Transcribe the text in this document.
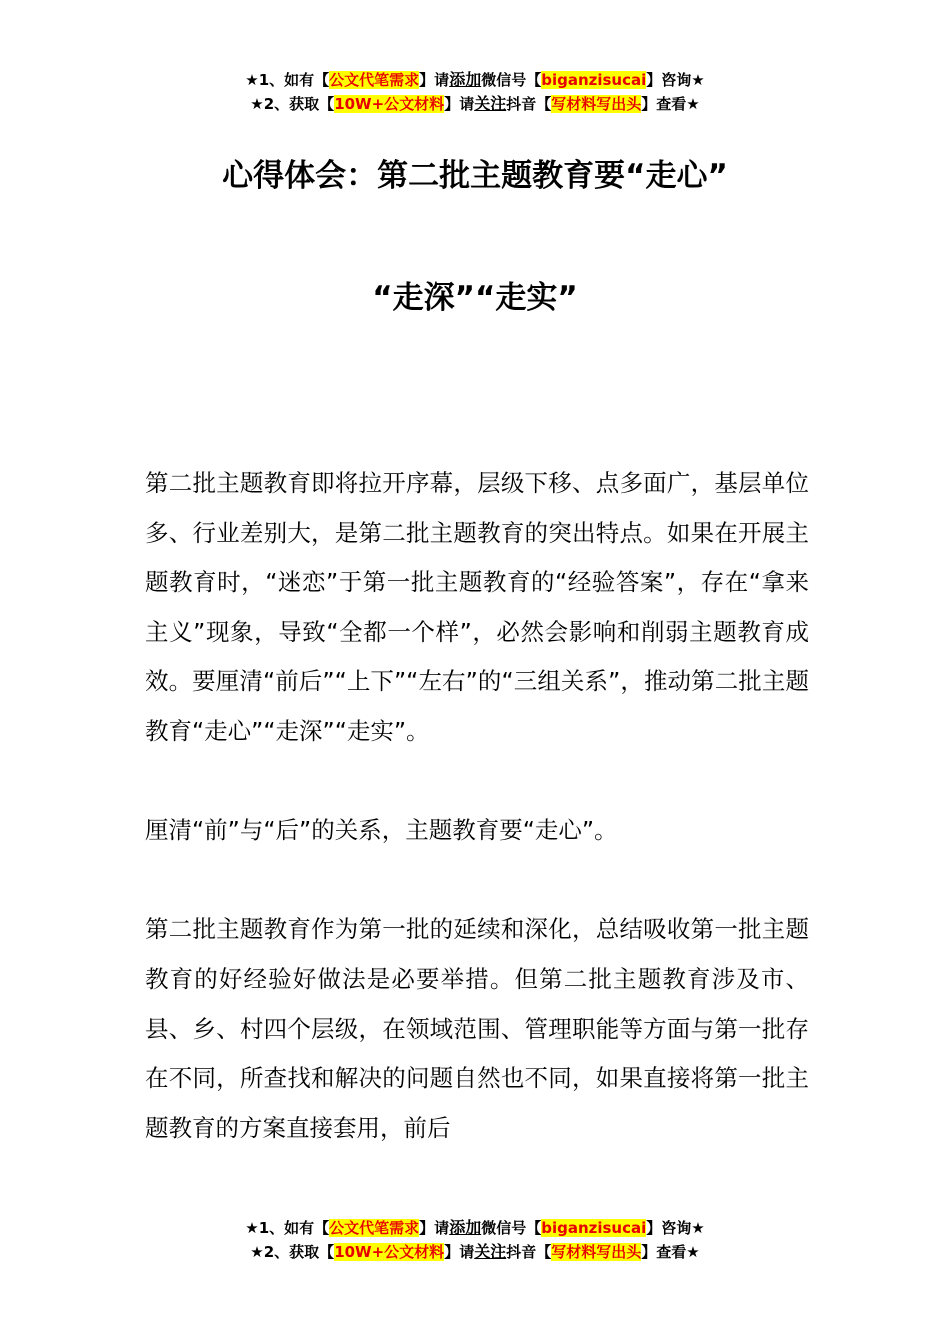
★1、如有【公文代笔需求】请添加微信号【biganzisucai】咨询★
★2、获取【10W+公文材料】请关注抖音【写材料写出头】查看★
心得体会：第二批主题教育要“走心”
“走深”“走实”

第二批主题教育即将拉开序幕，层级下移、点多面广，基层单位多、行业差别大，是第二批主题教育的突出特点。如果在开展主题教育时，“迷恋”于第一批主题教育的“经验答案”，存在“拿来主义”现象，导致“全都一个样”，必然会影响和削弱主题教育成效。要厘清“前后”“上下”“左右”的“三组关系”，推动第二批主题教育“走心”“走深”“走实”。

厘清“前”与“后”的关系，主题教育要“走心”。

第二批主题教育作为第一批的延续和深化，总结吸收第一批主题教育的好经验好做法是必要举措。但第二批主题教育涉及市、县、乡、村四个层级，在领域范围、管理职能等方面与第一批存在不同，所查找和解决的问题自然也不同，如果直接将第一批主题教育的方案直接套用，前后

★1、如有【公文代笔需求】请添加微信号【biganzisucai】咨询★
★2、获取【10W+公文材料】请关注抖音【写材料写出头】查看★
